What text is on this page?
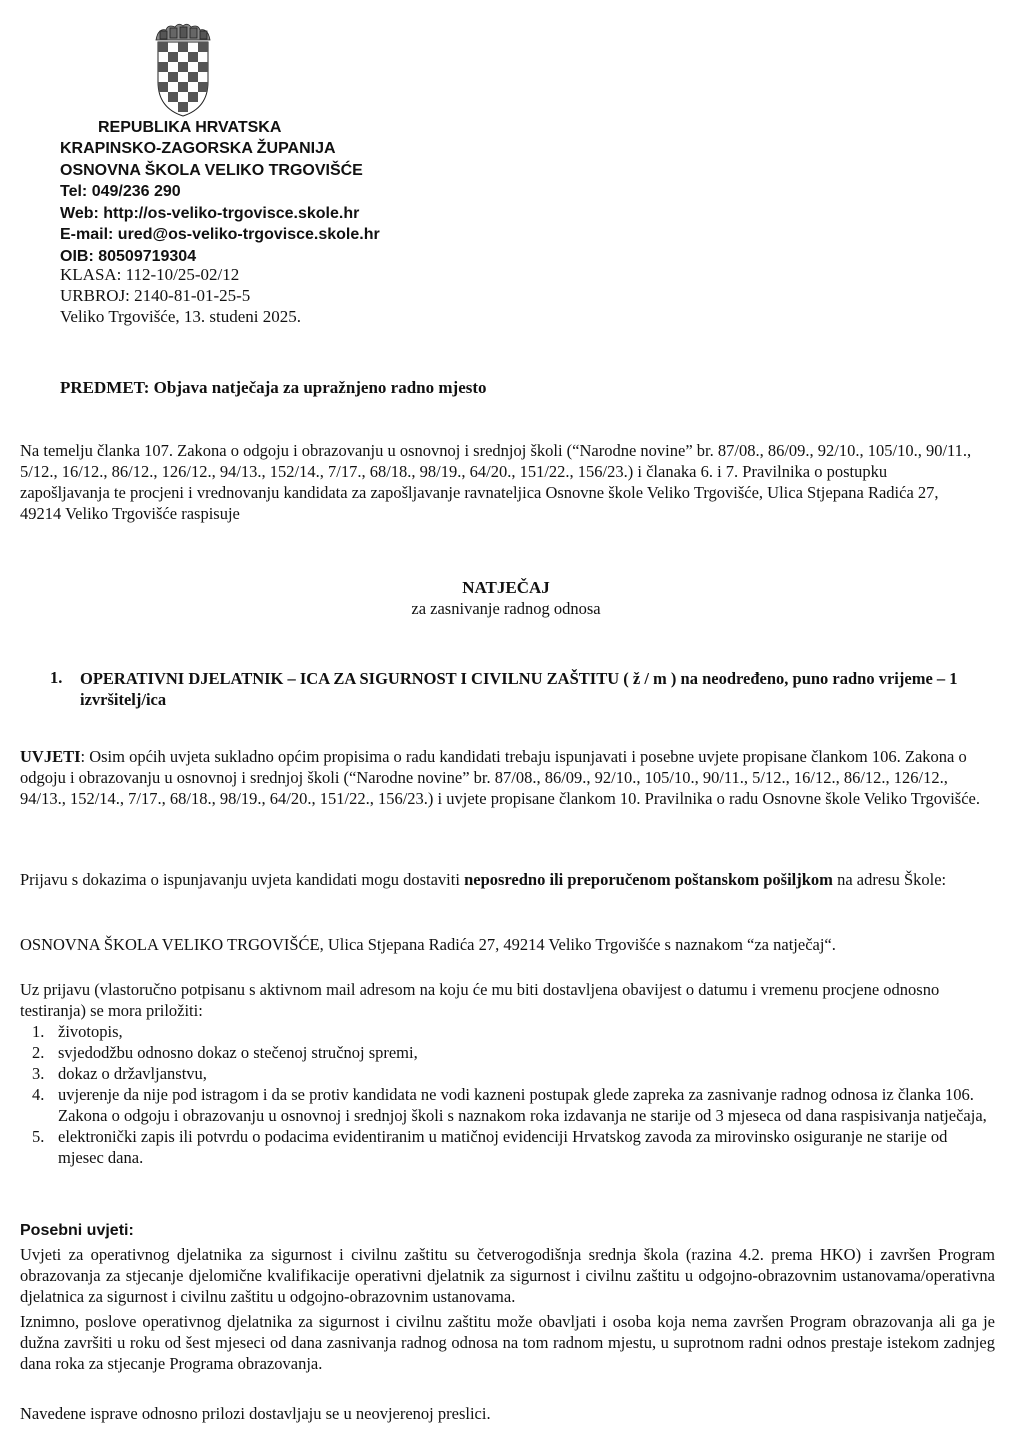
REPUBLIKA HRVATSKA
KRAPINSKO-ZAGORSKA ŽUPANIJA
OSNOVNA ŠKOLA VELIKO TRGOVIŠĆE
Tel: 049/236 290
Web: http://os-veliko-trgovisce.skole.hr
E-mail: ured@os-veliko-trgovisce.skole.hr
OIB: 80509719304
KLASA: 112-10/25-02/12
URBROJ: 2140-81-01-25-5
Veliko Trgovišće, 13. studeni 2025.
PREDMET: Objava natječaja za upražnjeno radno mjesto
Na temelju članka 107. Zakona o odgoju i obrazovanju u osnovnoj i srednjoj školi (“Narodne novine” br. 87/08., 86/09., 92/10., 105/10., 90/11., 5/12., 16/12., 86/12., 126/12., 94/13., 152/14., 7/17., 68/18., 98/19., 64/20., 151/22., 156/23.) i članaka 6. i 7. Pravilnika o postupku zapošljavanja te procjeni i vrednovanju kandidata za zapošljavanje ravnateljica Osnovne škole Veliko Trgovišće, Ulica Stjepana Radića 27, 49214 Veliko Trgovišće raspisuje
NATJEČAJ
za zasnivanje radnog odnosa
1. OPERATIVNI DJELATNIK – ICA ZA SIGURNOST I CIVILNU ZAŠTITU ( ž / m ) na neodređeno, puno radno vrijeme – 1 izvršitelj/ica
UVJETI: Osim općih uvjeta sukladno općim propisima o radu kandidati trebaju ispunjavati i posebne uvjete propisane člankom 106. Zakona o odgoju i obrazovanju u osnovnoj i srednjoj školi (“Narodne novine” br. 87/08., 86/09., 92/10., 105/10., 90/11., 5/12., 16/12., 86/12., 126/12., 94/13., 152/14., 7/17., 68/18., 98/19., 64/20., 151/22., 156/23.) i uvjete propisane člankom 10. Pravilnika o radu Osnovne škole Veliko Trgovišće.
Prijavu s dokazima o ispunjavanju uvjeta kandidati mogu dostaviti neposredno ili preporučenom poštanskom pošiljkom na adresu Škole:
OSNOVNA ŠKOLA VELIKO TRGOVIŠĆE, Ulica Stjepana Radića 27, 49214 Veliko Trgovišće s naznakom “za natječaj“.
Uz prijavu (vlastoručno potpisanu s aktivnom mail adresom na koju će mu biti dostavljena obavijest o datumu i vremenu procjene odnosno testiranja) se mora priložiti:
1. životopis,
2. svjedodžbu odnosno dokaz o stečenoj stručnoj spremi,
3. dokaz o državljanstvu,
4. uvjerenje da nije pod istragom i da se protiv kandidata ne vodi kazneni postupak glede zapreka za zasnivanje radnog odnosa iz članka 106. Zakona o odgoju i obrazovanju u osnovnoj i srednjoj školi s naznakom roka izdavanja ne starije od 3 mjeseca od dana raspisivanja natječaja,
5. elektronički zapis ili potvrdu o podacima evidentiranim u matičnoj evidenciji Hrvatskog zavoda za mirovinsko osiguranje ne starije od mjesec dana.
Posebni uvjeti:
Uvjeti za operativnog djelatnika za sigurnost i civilnu zaštitu su četverogodišnja srednja škola (razina 4.2. prema HKO) i završen Program obrazovanja za stjecanje djelomične kvalifikacije operativni djelatnik za sigurnost i civilnu zaštitu u odgojno-obrazovnim ustanovama/operativna djelatnica za sigurnost i civilnu zaštitu u odgojno-obrazovnim ustanovama.
Iznimno, poslove operativnog djelatnika za sigurnost i civilnu zaštitu može obavljati i osoba koja nema završen Program obrazovanja ali ga je dužna završiti u roku od šest mjeseci od dana zasnivanja radnog odnosa na tom radnom mjestu, u suprotnom radni odnos prestaje istekom zadnjeg dana roka za stjecanje Programa obrazovanja.
Navedene isprave odnosno prilozi dostavljaju se u neovjerenoj preslici.
